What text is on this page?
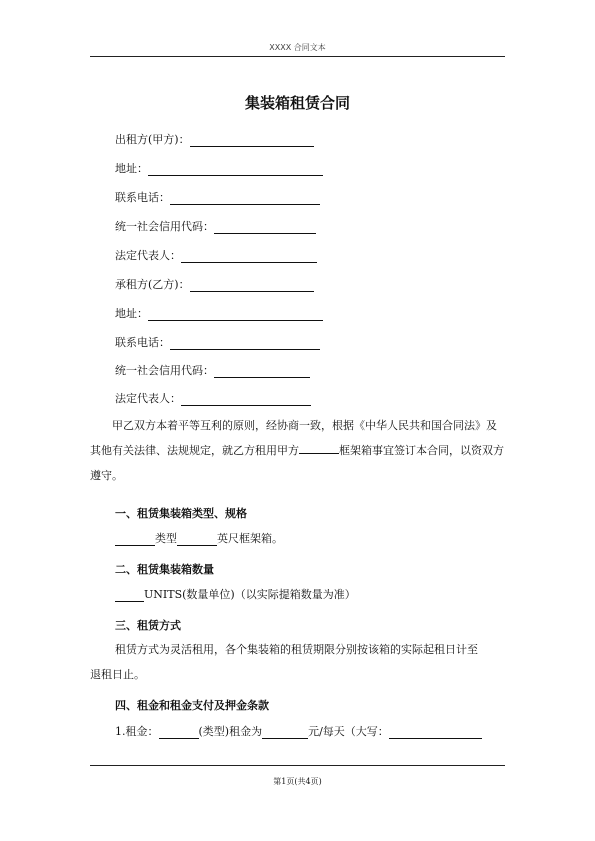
XXXX 合同文本
集装箱租赁合同
出租方(甲方)：
地址：
联系电话：
统一社会信用代码：
法定代表人：
承租方(乙方)：
地址：
联系电话：
统一社会信用代码：
法定代表人：
甲乙双方本着平等互利的原则，经协商一致，根据《中华人民共和国合同法》及其他有关法律、法规规定，就乙方租用甲方	框架箱事宜签订本合同，以资双方遵守。
一、租赁集装箱类型、规格
类型	英尺框架箱。
二、租赁集装箱数量
UNITS(数量单位)（以实际提箱数量为准）
三、租赁方式
租赁方式为灵活租用，各个集装箱的租赁期限分别按该箱的实际起租日计至
退租日止。
四、租金和租金支付及押金条款
1.租金：	(类型)租金为	元/每天（大写：
第1页(共4页)
